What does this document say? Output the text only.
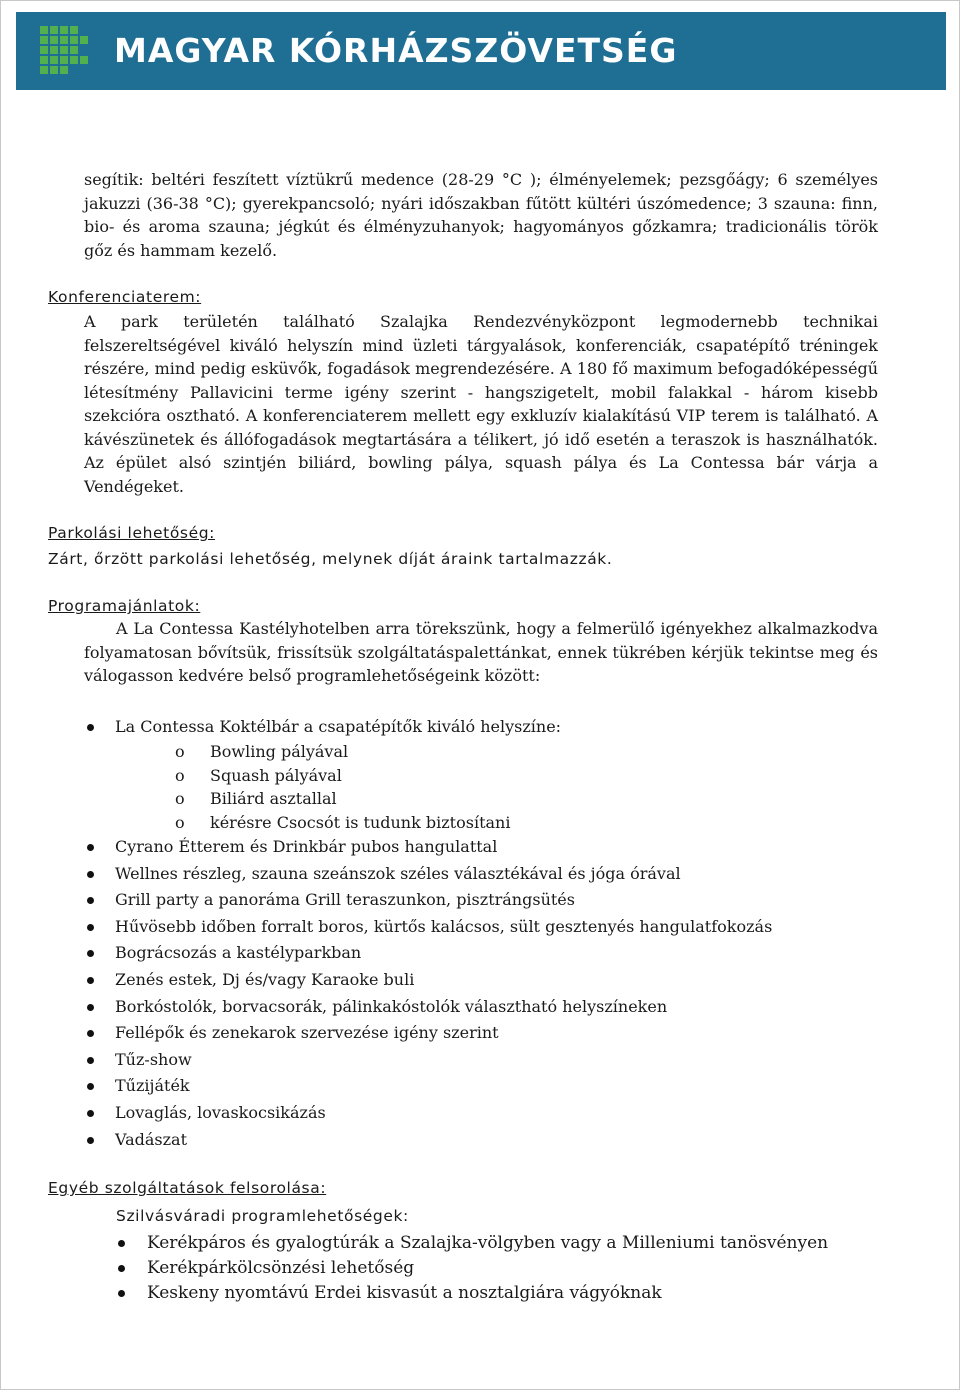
MAGYAR KÓRHÁZSZÖVETSÉG

segítik: beltéri feszített víztükrű medence (28-29 °C ); élményelemek; pezsgőágy; 6 személyes jakuzzi (36-38 °C); gyerekpancsoló; nyári időszakban fűtött kültéri úszómedence; 3 szauna: finn, bio- és aroma szauna; jégkút és élményzuhanyok; hagyományos gőzkamra; tradicionális török gőz és hammam kezelő.

Konferenciaterem:

A park területén található Szalajka Rendezvényközpont legmodernebb technikai felszereltségével kiváló helyszín mind üzleti tárgyalások, konferenciák, csapatépítő tréningek részére, mind pedig esküvők, fogadások megrendezésére. A 180 fő maximum befogadóképességű létesítmény Pallavicini terme igény szerint - hangszigetelt, mobil falakkal - három kisebb szekcióra osztható. A konferenciaterem mellett egy exkluzív kialakítású VIP terem is található. A kávészünetek és állófogadások megtartására a télikert, jó idő esetén a teraszok is használhatók. Az épület alsó szintjén biliárd, bowling pálya, squash pálya és La Contessa bár várja a Vendégeket.

Parkolási lehetőség:
Zárt, őrzött parkolási lehetőség, melynek díját áraink tartalmazzák.
Programajánlatok:

A La Contessa Kastélyhotelben arra törekszünk, hogy a felmerülő igényekhez alkalmazkodva folyamatosan bővítsük, frissítsük szolgáltatáspalettánkat, ennek tükrében kérjük tekintse meg és válogasson kedvére belső programlehetőségeink között:

La Contessa Koktélbár a csapatépítők kiváló helyszíne:
o Bowling pályával
o Squash pályával
o Biliárd asztallal
o kérésre Csocsót is tudunk biztosítani
Cyrano Étterem és Drinkbár pubos hangulattal
Wellnes részleg, szauna szeánszok széles választékával és jóga órával
Grill party a panoráma Grill teraszunkon, pisztrángsütés
Hűvösebb időben forralt boros, kürtős kalácsos, sült gesztenyés hangulatfokozás
Bográcsozás a kastélyparkban
Zenés estek, Dj és/vagy Karaoke buli
Borkóstolók, borvacsorák, pálinkakóstolók választható helyszíneken
Fellépők és zenekarok szervezése igény szerint
Tűz-show
Tűzijáték
Lovaglás, lovaskocsikázás
Vadászat
Egyéb szolgáltatások felsorolása:
Szilvásváradi programlehetőségek:
Kerékpáros és gyalogtúrák a Szalajka-völgyben vagy a Milleniumi tanösvényen
Kerékpárkölcsönzési lehetőség
Keskeny nyomtávú Erdei kisvasút a nosztalgiára vágyóknak
